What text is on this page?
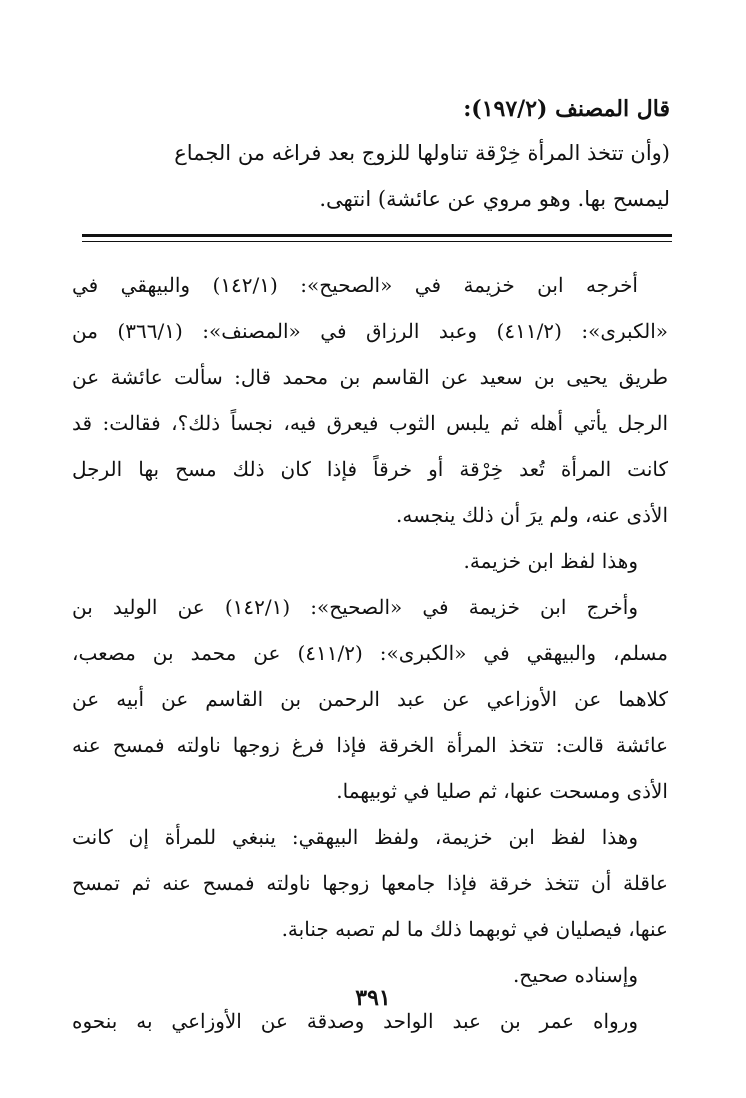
قال المصنف (١٩٧/٢):

(وأن تتخذ المرأة خِرْقة تناولها للزوج بعد فراغه من الجماع

ليمسح بها. وهو مروي عن عائشة) انتهى.

أخرجه ابن خزيمة في «الصحيح»: (١٤٢/١) والبيهقي في

«الكبرى»: (٤١١/٢) وعبد الرزاق في «المصنف»: (٣٦٦/١) من

طريق يحيى بن سعيد عن القاسم بن محمد قال: سألت عائشة عن

الرجل يأتي أهله ثم يلبس الثوب فيعرق فيه، نجساً ذلك؟، فقالت: قد

كانت المرأة تُعد خِرْقة أو خرقاً فإذا كان ذلك مسح بها الرجل

الأذى عنه، ولم يرَ أن ذلك ينجسه.

وهذا لفظ ابن خزيمة.

وأخرج ابن خزيمة في «الصحيح»: (١٤٢/١) عن الوليد بن

مسلم، والبيهقي في «الكبرى»: (٤١١/٢) عن محمد بن مصعب،

كلاهما عن الأوزاعي عن عبد الرحمن بن القاسم عن أبيه عن

عائشة قالت: تتخذ المرأة الخرقة فإذا فرغ زوجها ناولته فمسح عنه

الأذى ومسحت عنها، ثم صليا في ثوبيهما.

وهذا لفظ ابن خزيمة، ولفظ البيهقي: ينبغي للمرأة إن كانت

عاقلة أن تتخذ خرقة فإذا جامعها زوجها ناولته فمسح عنه ثم تمسح

عنها، فيصليان في ثوبهما ذلك ما لم تصبه جنابة.

وإسناده صحيح.

ورواه عمر بن عبد الواحد وصدقة عن الأوزاعي به بنحوه

٣٩١
